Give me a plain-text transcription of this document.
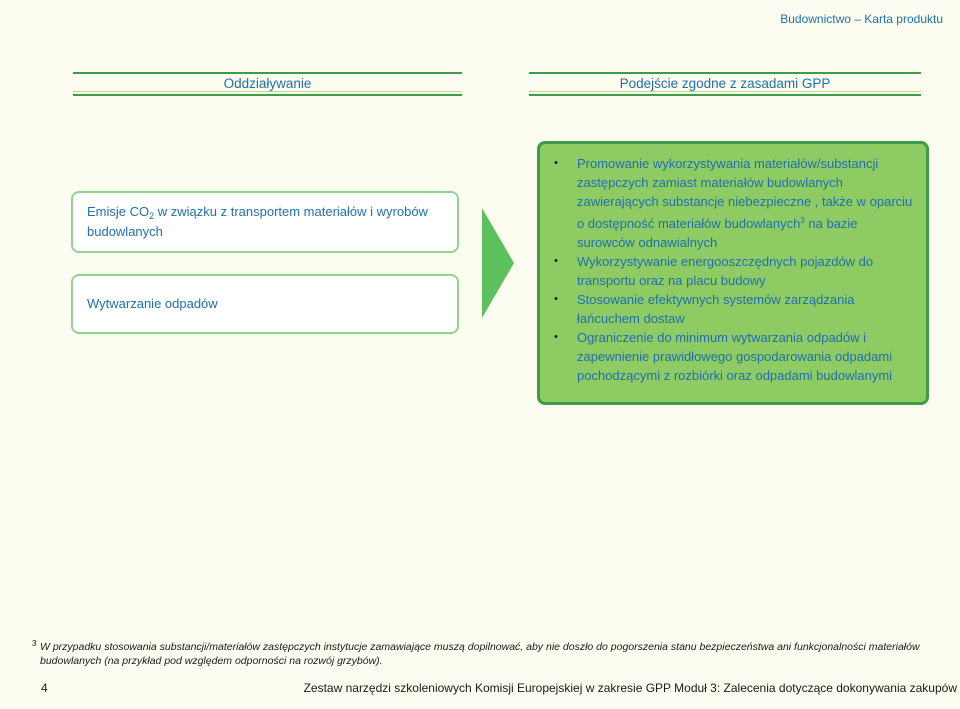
Budownictwo – Karta produktu
Oddziaływanie	Podejście zgodne z zasadami GPP
Emisje $CO_2$ w związku z transportem materiałów i wyrobów budowlanych
Wytwarzanie odpadów
• Promowanie wykorzystywania materiałów/substancji zastępczych zamiast materiałów budowlanych zawierających substancje niebezpieczne , także w oparciu o dostępność materiałów budowlanych$^3$ na bazie surowców odnawialnych
• Wykorzystywanie energooszczędnych pojazdów do transportu oraz na placu budowy
• Stosowanie efektywnych systemów zarządzania łańcuchem dostaw
• Ograniczenie do minimum wytwarzania odpadów i zapewnienie prawidłowego gospodarowania odpadami pochodzącymi z rozbiórki oraz odpadami budowlanymi
3 W przypadku stosowania substancji/materiałów zastępczych instytucje zamawiające muszą dopilnować, aby nie doszło do pogorszenia stanu bezpieczeństwa ani funkcjonalności materiałów budowlanych (na przykład pod względem odporności na rozwój grzybów).
4	Zestaw narzędzi szkoleniowych Komisji Europejskiej w zakresie GPP Moduł 3: Zalecenia dotyczące dokonywania zakupów
